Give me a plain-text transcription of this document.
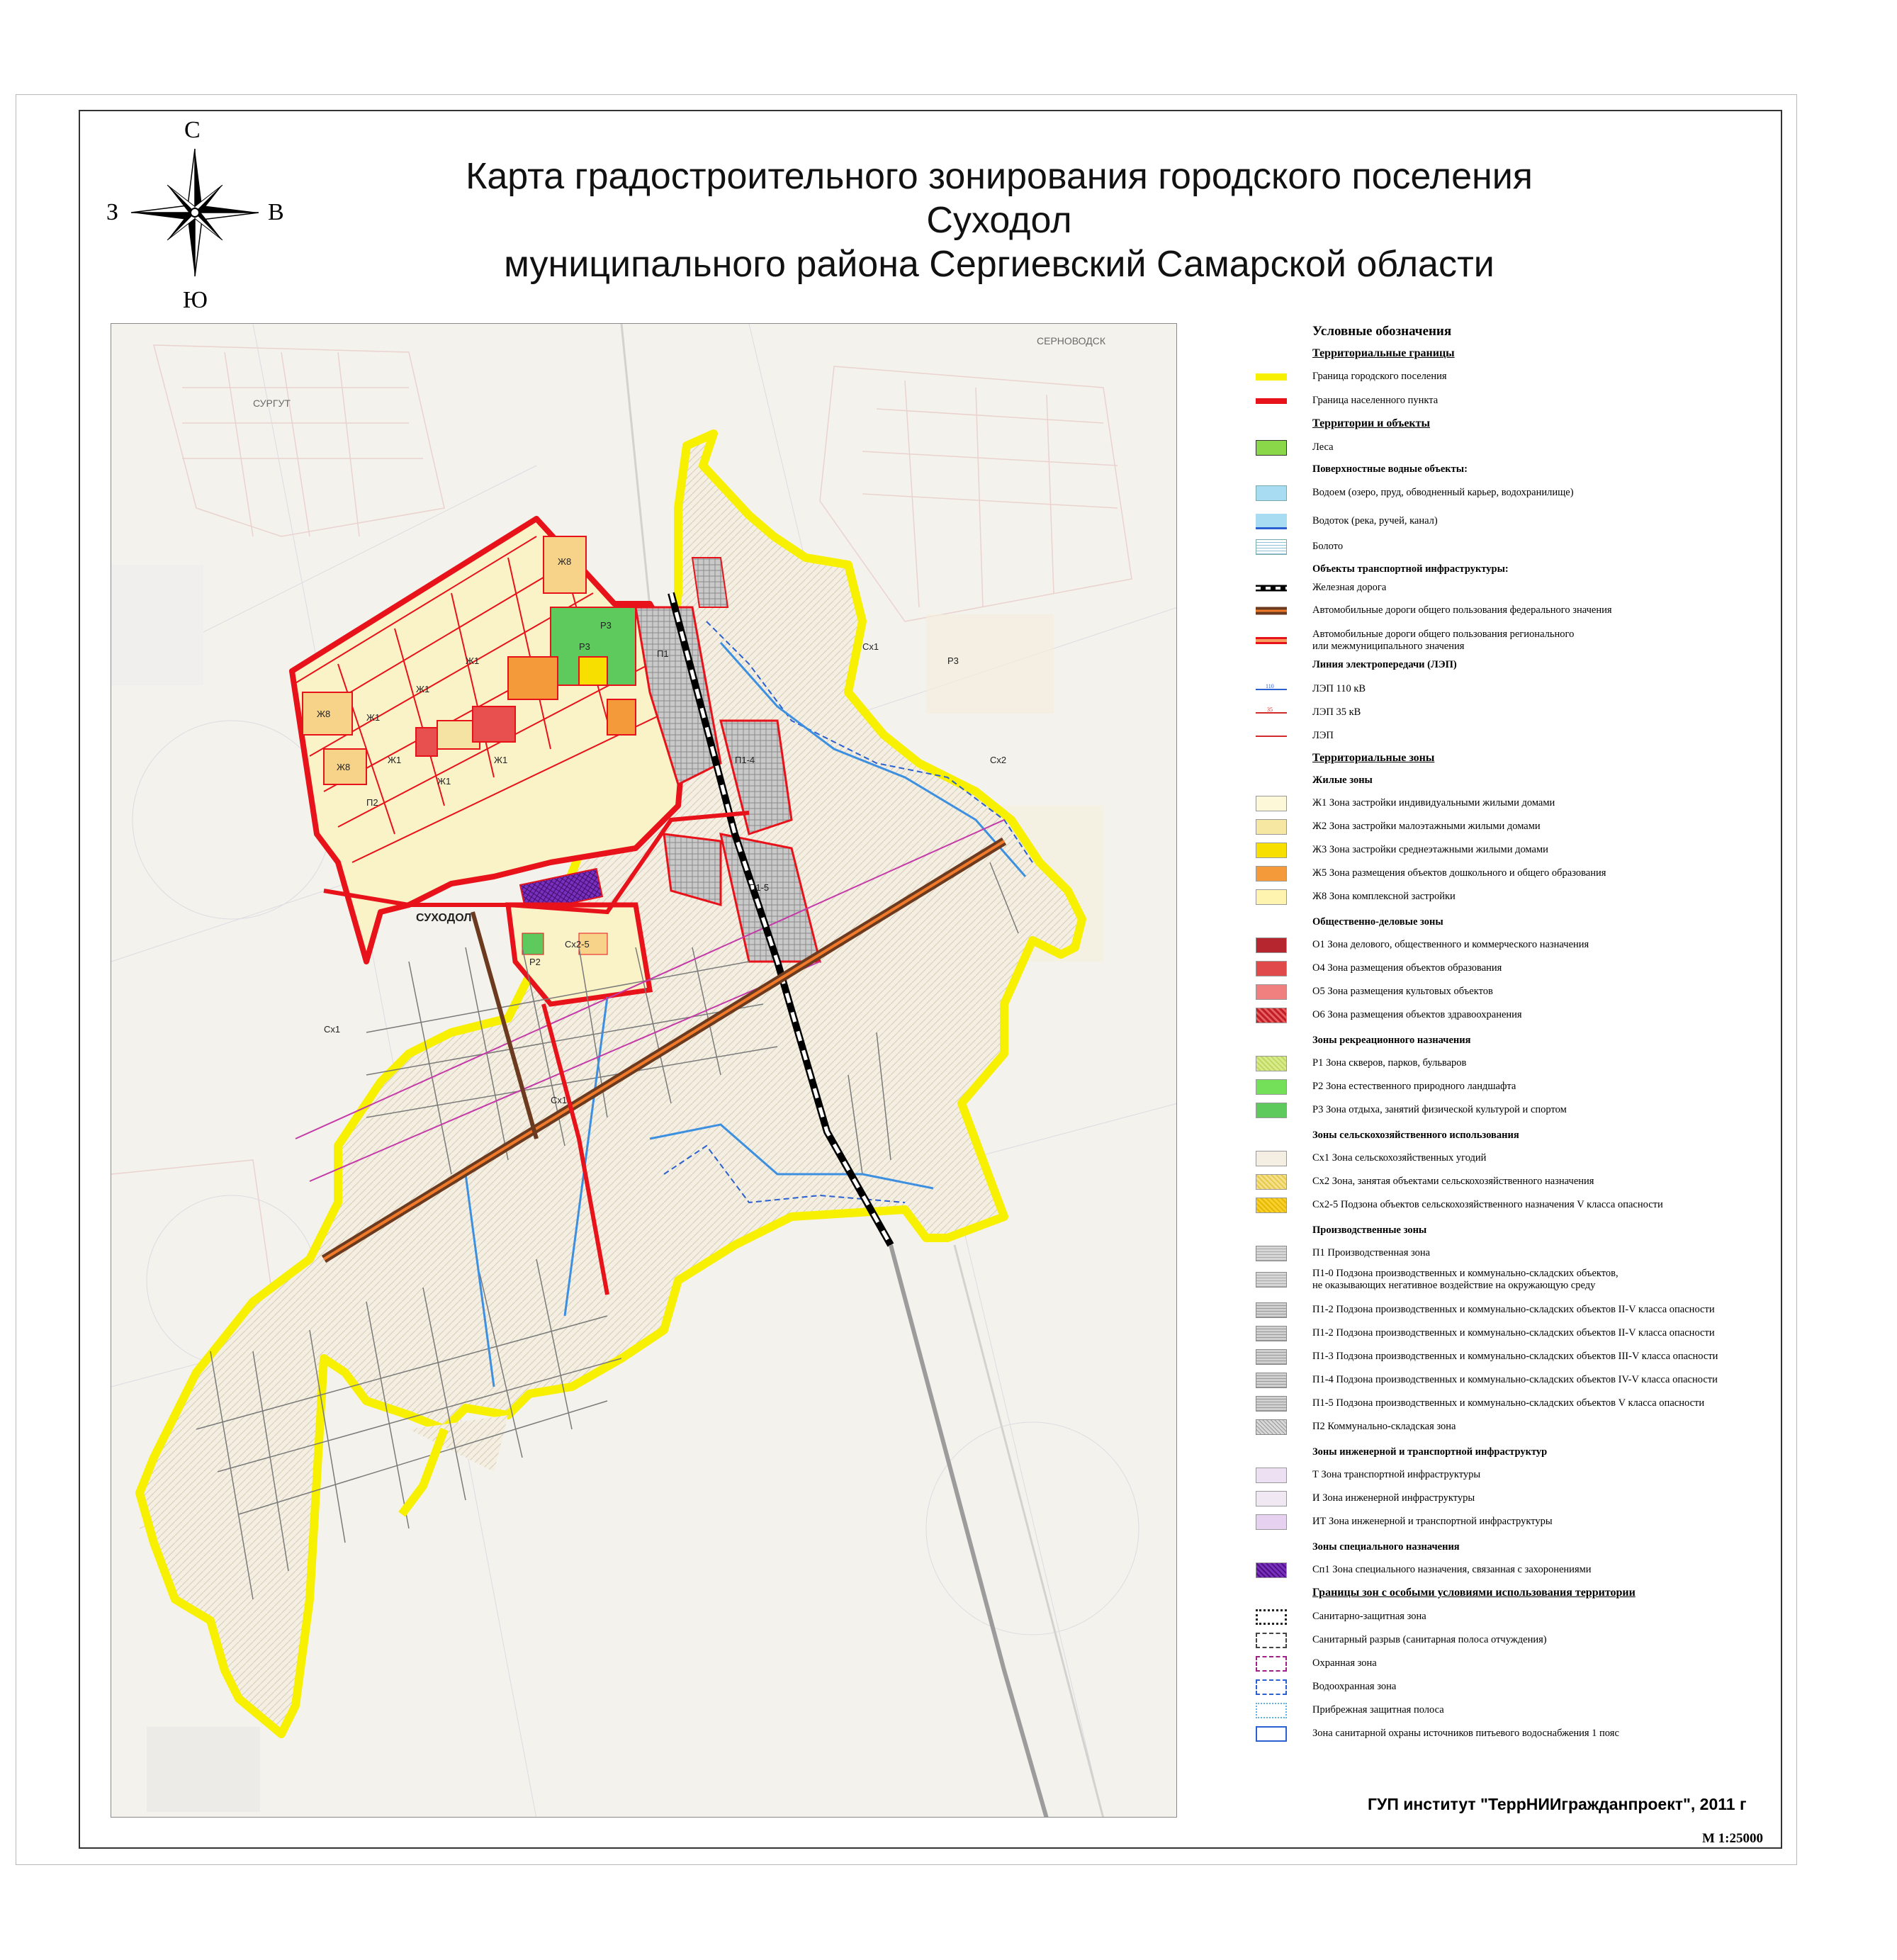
С
Ю
З	В
Карта градостроительного зонирования городского поселения Суходол
муниципального района Сергиевский Самарской области
СУРГУТ
СЕРНОВОДСК
Ж1
Ж1
Ж1
Ж1
Ж1
Ж1
Ж8
Ж8
Ж8
Р3
Р3
П1
П1-4
П1-5
П2
Сх1
Сх1
Сх1
Сх2
Р3
Сх2-5
Р2
СУХОДОЛ
Условные обозначения
Территориальные границы
Граница городского поселения
Граница населенного пункта
Территории и объекты
Леса
Поверхностные водные объекты:
Водоем (озеро, пруд, обводненный карьер, водохранилище)
Водоток (река, ручей, канал)
Болото
Объекты транспортной инфраструктуры:
Железная дорога
Автомобильные дороги общего пользования федерального значения
Автомобильные дороги общего пользования регионального
или межмуниципального значения
Линия электропередачи (ЛЭП)
110	ЛЭП 110 кВ
35	ЛЭП 35 кВ
ЛЭП
Территориальные зоны
Жилые зоны
Ж1 Зона застройки индивидуальными жилыми домами
Ж2 Зона застройки малоэтажными жилыми домами
Ж3 Зона застройки среднеэтажными жилыми домами
Ж5 Зона размещения объектов дошкольного и общего образования
Ж8 Зона комплексной застройки
Общественно-деловые зоны
О1 Зона делового, общественного и коммерческого назначения
О4 Зона размещения объектов образования
О5 Зона размещения культовых объектов
О6 Зона размещения объектов здравоохранения
Зоны рекреационного назначения
Р1 Зона скверов, парков, бульваров
Р2 Зона естественного природного ландшафта
Р3 Зона отдыха, занятий физической культурой и спортом
Зоны сельскохозяйственного использования
Сх1 Зона сельскохозяйственных угодий
Сх2 Зона, занятая объектами сельскохозяйственного назначения
Сх2-5 Подзона объектов сельскохозяйственного назначения V класса опасности
Производственные зоны
П1 Производственная зона
П1-0 Подзона производственных и коммунально-складских объектов,
не оказывающих негативное воздействие на окружающую среду
П1-2 Подзона производственных и коммунально-складских объектов II-V класса опасности
П1-2 Подзона производственных и коммунально-складских объектов II-V класса опасности
П1-3 Подзона производственных и коммунально-складских объектов III-V класса опасности
П1-4 Подзона производственных и коммунально-складских объектов IV-V класса опасности
П1-5 Подзона производственных и коммунально-складских объектов V класса опасности
П2 Коммунально-складская зона
Зоны инженерной и транспортной инфраструктур
Т Зона транспортной инфраструктуры
И Зона инженерной инфраструктуры
ИТ Зона инженерной и транспортной инфраструктуры
Зоны специального назначения
Сп1 Зона специального назначения, связанная с захоронениями
Границы зон с особыми условиями использования территории
Санитарно-защитная зона
Санитарный разрыв (санитарная полоса отчуждения)
Охранная зона
Водоохранная зона
Прибрежная защитная полоса
Зона санитарной охраны источников питьевого водоснабжения 1 пояс
ГУП институт "ТеррНИИгражданпроект", 2011 г
М 1:25000
